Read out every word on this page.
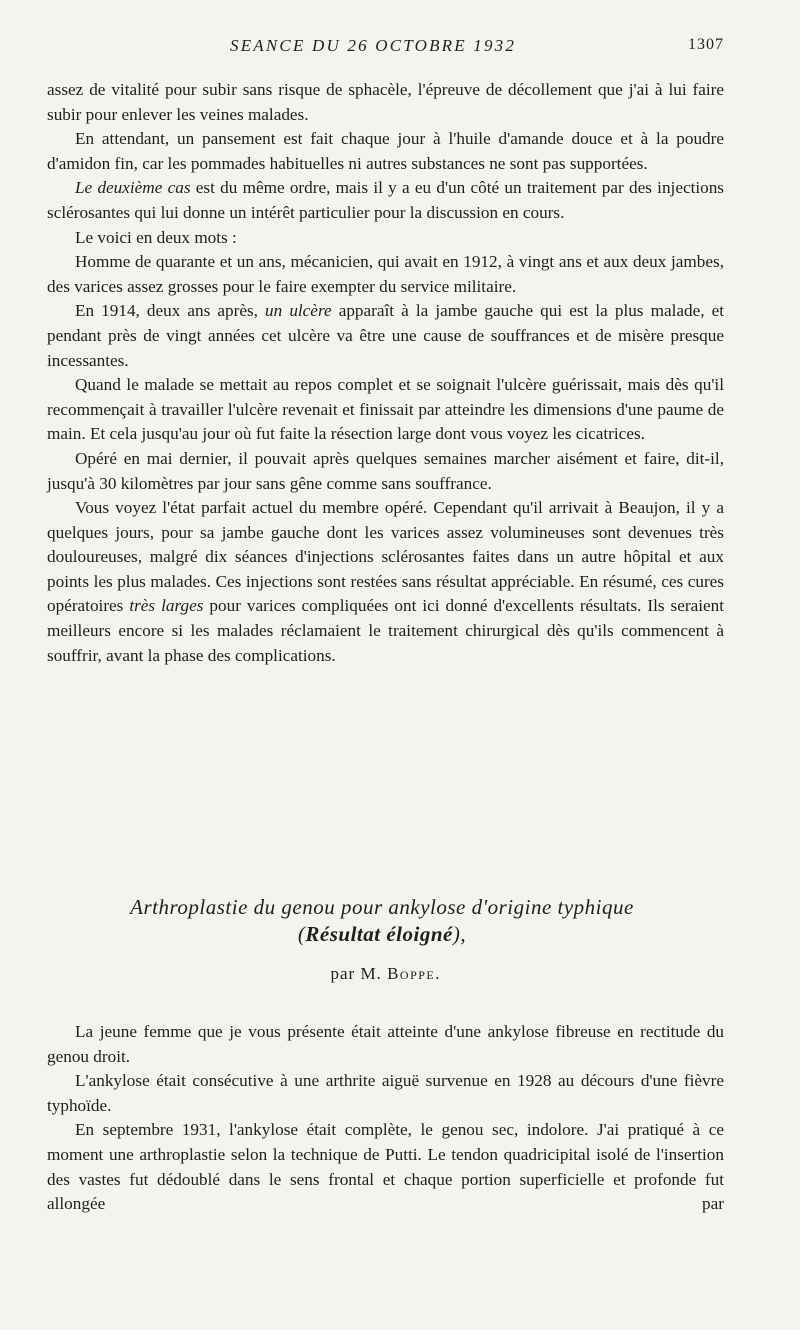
SEANCE DU 26 OCTOBRE 1932	1307

assez de vitalité pour subir sans risque de sphacèle, l'épreuve de décollement que j'ai à lui faire subir pour enlever les veines malades.

En attendant, un pansement est fait chaque jour à l'huile d'amande douce et à la poudre d'amidon fin, car les pommades habituelles ni autres substances ne sont pas supportées.

Le deuxième cas est du même ordre, mais il y a eu d'un côté un traitement par des injections sclérosantes qui lui donne un intérêt particulier pour la discussion en cours.

Le voici en deux mots :

Homme de quarante et un ans, mécanicien, qui avait en 1912, à vingt ans et aux deux jambes, des varices assez grosses pour le faire exempter du service militaire.

En 1914, deux ans après, un ulcère apparaît à la jambe gauche qui est la plus malade, et pendant près de vingt années cet ulcère va être une cause de souffrances et de misère presque incessantes.

Quand le malade se mettait au repos complet et se soignait l'ulcère guérissait, mais dès qu'il recommençait à travailler l'ulcère revenait et finissait par atteindre les dimensions d'une paume de main. Et cela jusqu'au jour où fut faite la résection large dont vous voyez les cicatrices.

Opéré en mai dernier, il pouvait après quelques semaines marcher aisément et faire, dit-il, jusqu'à 30 kilomètres par jour sans gêne comme sans souffrance.

Vous voyez l'état parfait actuel du membre opéré. Cependant qu'il arrivait à Beaujon, il y a quelques jours, pour sa jambe gauche dont les varices assez volumineuses sont devenues très douloureuses, malgré dix séances d'injections sclérosantes faites dans un autre hôpital et aux points les plus malades. Ces injections sont restées sans résultat appréciable. En résumé, ces cures opératoires très larges pour varices compliquées ont ici donné d'excellents résultats. Ils seraient meilleurs encore si les malades réclamaient le traitement chirurgical dès qu'ils commencent à souffrir, avant la phase des complications.

Arthroplastie du genou pour ankylose d'origine typhique
(Résultat éloigné),
par M. Boppe.

La jeune femme que je vous présente était atteinte d'une ankylose fibreuse en rectitude du genou droit.

L'ankylose était consécutive à une arthrite aiguë survenue en 1928 au décours d'une fièvre typhoïde.

En septembre 1931, l'ankylose était complète, le genou sec, indolore. J'ai pratiqué à ce moment une arthroplastie selon la technique de Putti. Le tendon quadricipital isolé de l'insertion des vastes fut dédoublé dans le sens frontal et chaque portion superficielle et profonde fut allongée par
